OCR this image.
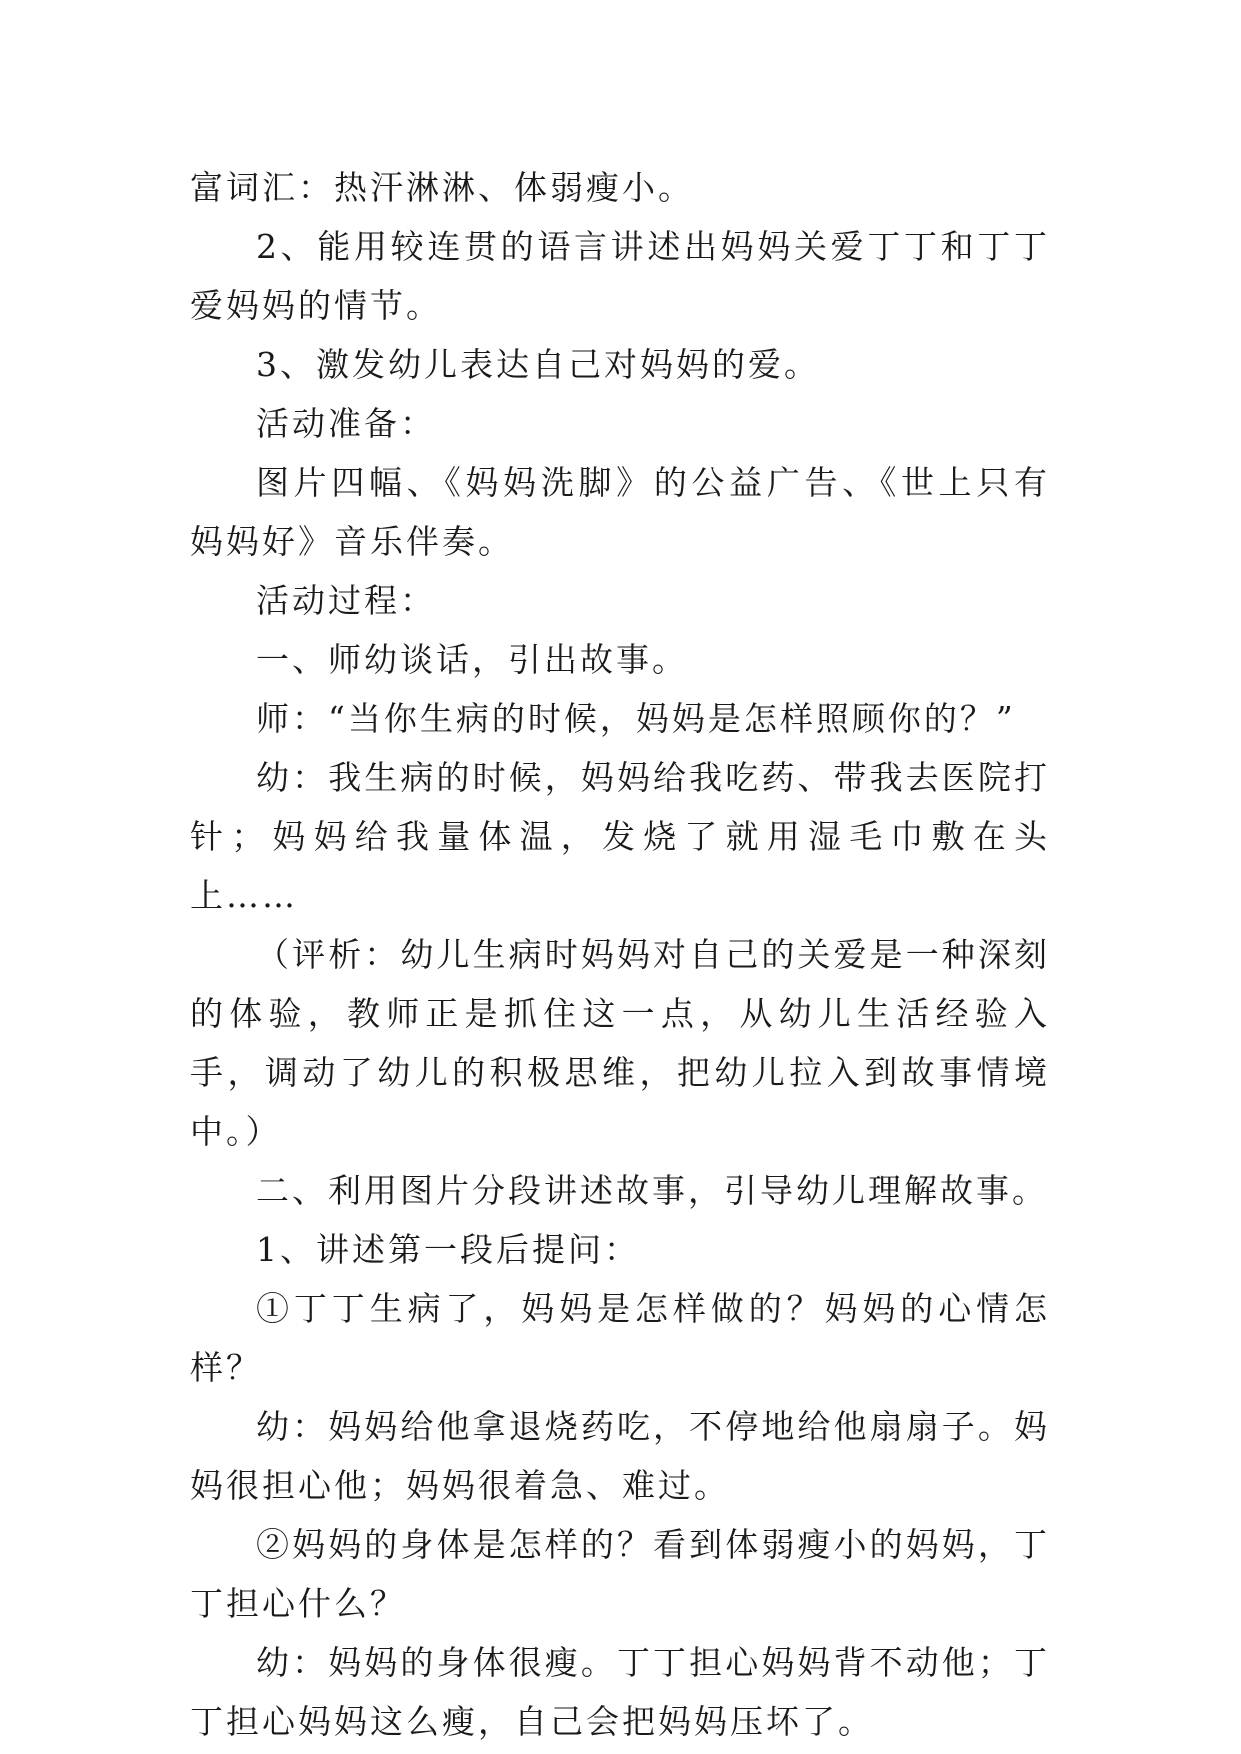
富词汇：热汗淋淋、体弱瘦小。

2、能用较连贯的语言讲述出妈妈关爱丁丁和丁丁爱妈妈的情节。

3、激发幼儿表达自己对妈妈的爱。

活动准备：

图片四幅、《妈妈洗脚》的公益广告、《世上只有妈妈好》音乐伴奏。

活动过程：

一、师幼谈话，引出故事。

师：“当你生病的时候，妈妈是怎样照顾你的？”

幼：我生病的时候，妈妈给我吃药、带我去医院打针；妈妈给我量体温，发烧了就用湿毛巾敷在头上……

（评析：幼儿生病时妈妈对自己的关爱是一种深刻的体验，教师正是抓住这一点，从幼儿生活经验入手，调动了幼儿的积极思维，把幼儿拉入到故事情境中。）

二、利用图片分段讲述故事，引导幼儿理解故事。

1、讲述第一段后提问：

①丁丁生病了，妈妈是怎样做的？妈妈的心情怎样？

幼：妈妈给他拿退烧药吃，不停地给他扇扇子。妈妈很担心他；妈妈很着急、难过。

②妈妈的身体是怎样的？看到体弱瘦小的妈妈，丁丁担心什么？

幼：妈妈的身体很瘦。丁丁担心妈妈背不动他；丁丁担心妈妈这么瘦，自己会把妈妈压坏了。
